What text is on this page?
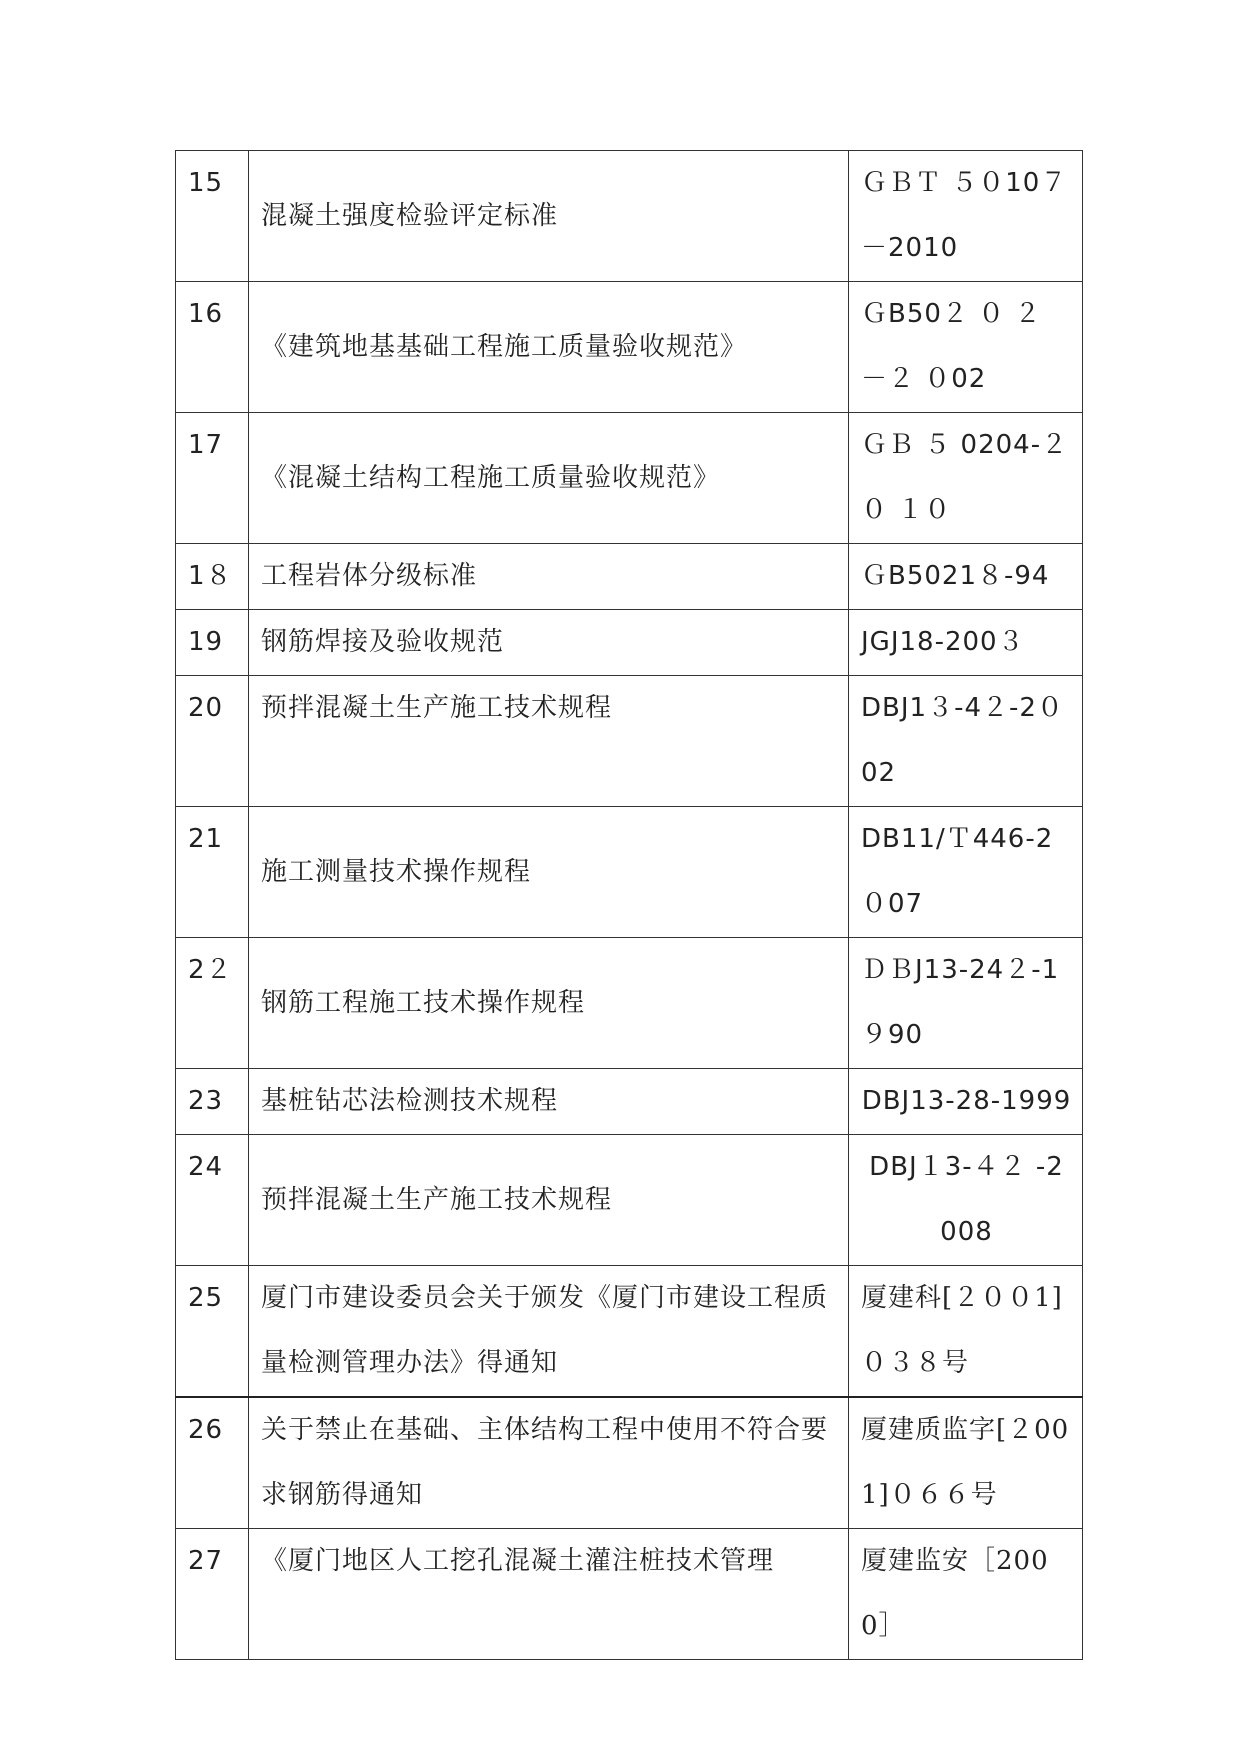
15	混凝土强度检验评定标准	ＧＢＴ ５０10７－2010
16	《建筑地基基础工程施工质量验收规范》	ＧB50２ ０ ２ －２ ０02
17	《混凝土结构工程施工质量验收规范》	ＧＢ ５ 0204-２０ １０
1８	工程岩体分级标准	ＧB5021８-94
19	钢筋焊接及验收规范	JGJ18-200３
20	预拌混凝土生产施工技术规程	DBJ1３-4２-2０02
21	施工测量技术操作规程	DB11/Ｔ446-2０07
2２	钢筋工程施工技术操作规程	ＤＢJ13-24２-1 ９90
23	基桩钻芯法检测技术规程	DBJ13-28-1999
24	预拌混凝土生产施工技术规程	DBJ１3-４２ -2008
25	厦门市建设委员会关于颁发《厦门市建设工程质量检测管理办法》得通知	厦建科[２００1]０３８号
26	关于禁止在基础、主体结构工程中使用不符合要求钢筋得通知	厦建质监字[２001]０６６号
27	《厦门地区人工挖孔混凝土灌注桩技术管理	厦建监安［2000］
